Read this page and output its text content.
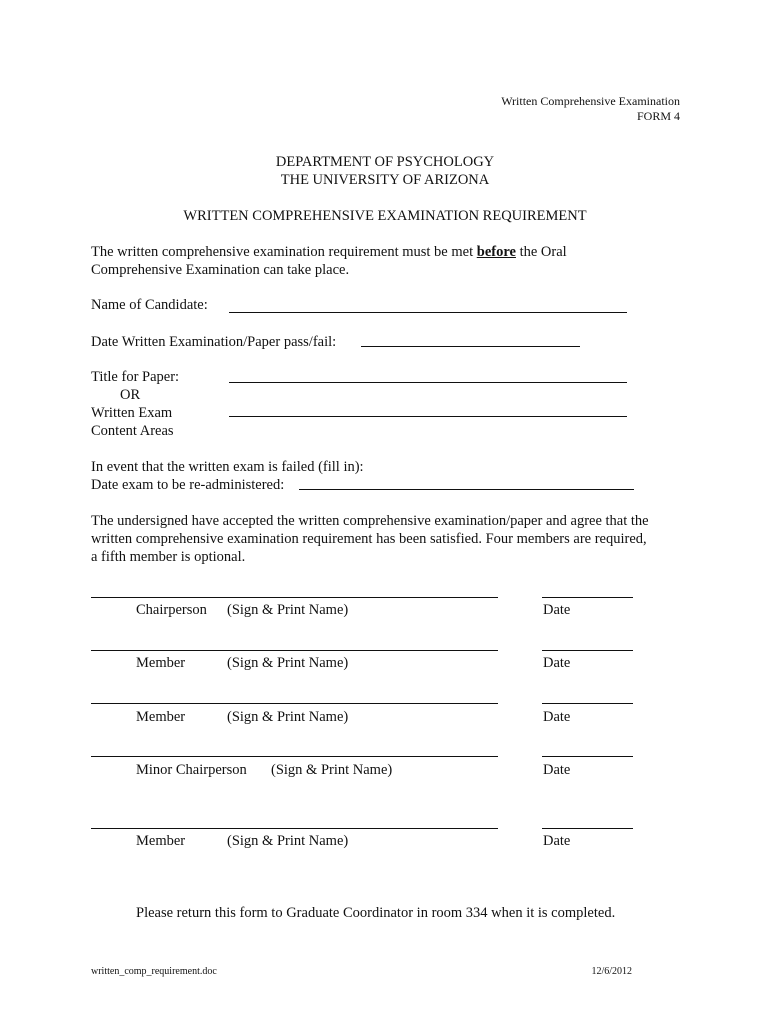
Written Comprehensive Examination
FORM 4
DEPARTMENT OF PSYCHOLOGY
THE UNIVERSITY OF ARIZONA
WRITTEN COMPREHENSIVE EXAMINATION REQUIREMENT
The written comprehensive examination requirement must be met before the Oral
Comprehensive Examination can take place.
Name of Candidate:
Date Written Examination/Paper pass/fail:
Title for Paper:
OR
Written Exam
Content Areas
In event that the written exam is failed (fill in):
Date exam to be re-administered:
The undersigned have accepted the written comprehensive examination/paper and agree that the
written comprehensive examination requirement has been satisfied. Four members are required,
a fifth member is optional.
Chairperson (Sign & Print Name)	Date
Member	(Sign & Print Name)	Date
Member	(Sign & Print Name)	Date
Minor Chairperson (Sign & Print Name)	Date
Member	(Sign & Print Name)	Date
Please return this form to Graduate Coordinator in room 334 when it is completed.
written_comp_requirement.doc	12/6/2012
